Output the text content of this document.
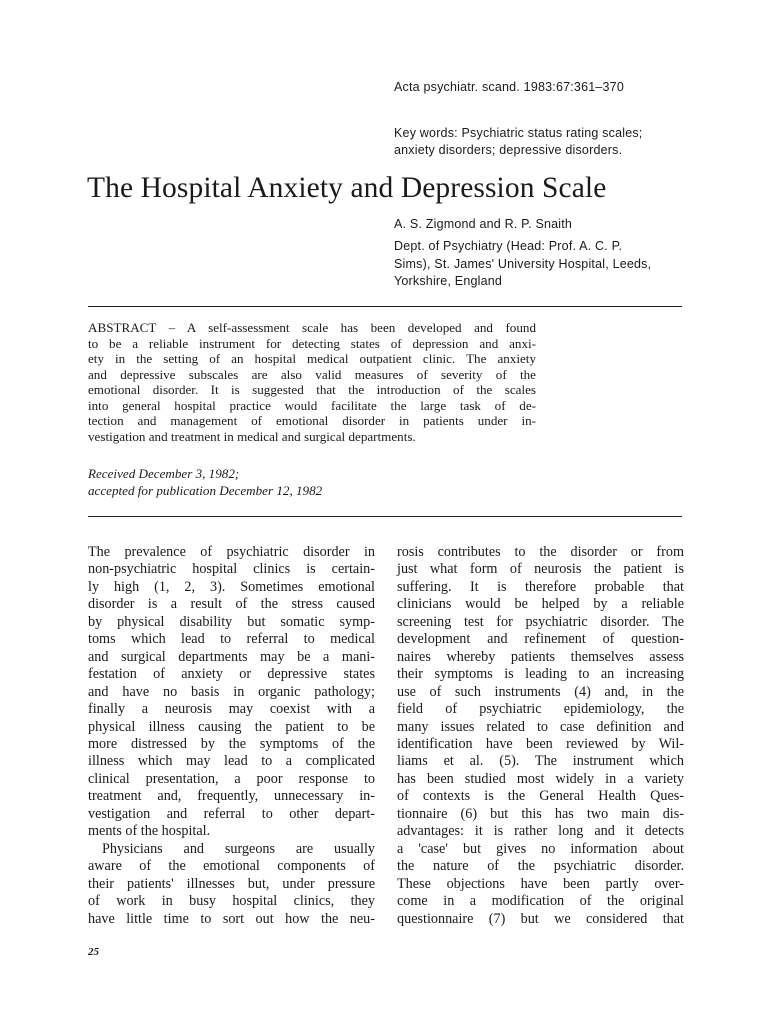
Acta psychiatr. scand. 1983:67:361–370
Key words: Psychiatric status rating scales;
anxiety disorders; depressive disorders.
The Hospital Anxiety and Depression Scale
A. S. Zigmond and R. P. Snaith
Dept. of Psychiatry (Head: Prof. A. C. P.
Sims), St. James' University Hospital, Leeds,
Yorkshire, England
ABSTRACT – A self-assessment scale has been developed and found
to be a reliable instrument for detecting states of depression and anxi-
ety in the setting of an hospital medical outpatient clinic. The anxiety
and depressive subscales are also valid measures of severity of the
emotional disorder. It is suggested that the introduction of the scales
into general hospital practice would facilitate the large task of de-
tection and management of emotional disorder in patients under in-
vestigation and treatment in medical and surgical departments.
Received December 3, 1982;
accepted for publication December 12, 1982
The prevalence of psychiatric disorder in
non-psychiatric hospital clinics is certain-
ly high (1, 2, 3). Sometimes emotional
disorder is a result of the stress caused
by physical disability but somatic symp-
toms which lead to referral to medical
and surgical departments may be a mani-
festation of anxiety or depressive states
and have no basis in organic pathology;
finally a neurosis may coexist with a
physical illness causing the patient to be
more distressed by the symptoms of the
illness which may lead to a complicated
clinical presentation, a poor response to
treatment and, frequently, unnecessary in-
vestigation and referral to other depart-
ments of the hospital.
Physicians and surgeons are usually
aware of the emotional components of
their patients' illnesses but, under pressure
of work in busy hospital clinics, they
have little time to sort out how the neu-
rosis contributes to the disorder or from
just what form of neurosis the patient is
suffering. It is therefore probable that
clinicians would be helped by a reliable
screening test for psychiatric disorder. The
development and refinement of question-
naires whereby patients themselves assess
their symptoms is leading to an increasing
use of such instruments (4) and, in the
field of psychiatric epidemiology, the
many issues related to case definition and
identification have been reviewed by Wil-
liams et al. (5). The instrument which
has been studied most widely in a variety
of contexts is the General Health Ques-
tionnaire (6) but this has two main dis-
advantages: it is rather long and it detects
a 'case' but gives no information about
the nature of the psychiatric disorder.
These objections have been partly over-
come in a modification of the original
questionnaire (7) but we considered that
25
